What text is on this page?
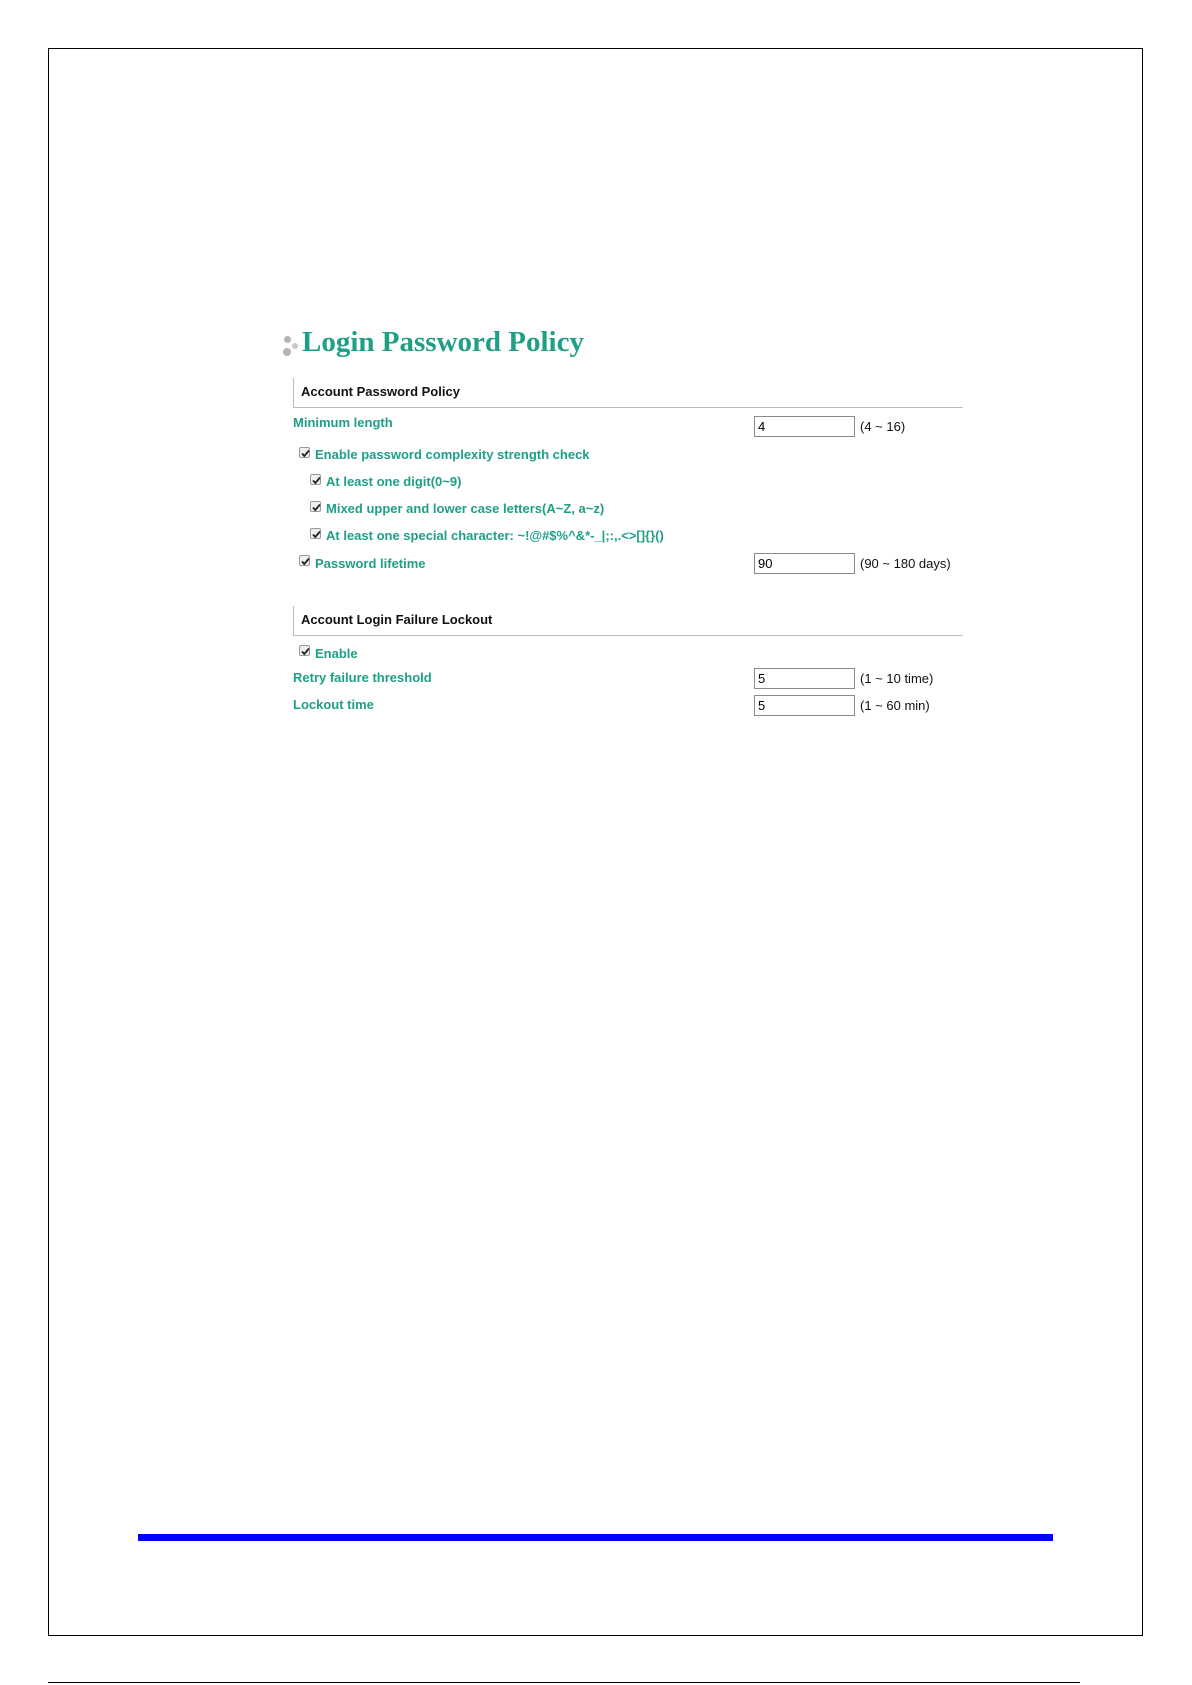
Login Password Policy
Account Password Policy
Minimum length
4	(4 ~ 16)
Enable password complexity strength check
At least one digit(0~9)
Mixed upper and lower case letters(A~Z, a~z)
At least one special character: ~!@#$%^&*-_|;:,.<>[]{}()
Password lifetime
90	(90 ~ 180 days)
Account Login Failure Lockout
Enable
Retry failure threshold
5	(1 ~ 10 time)
Lockout time
5	(1 ~ 60 min)
